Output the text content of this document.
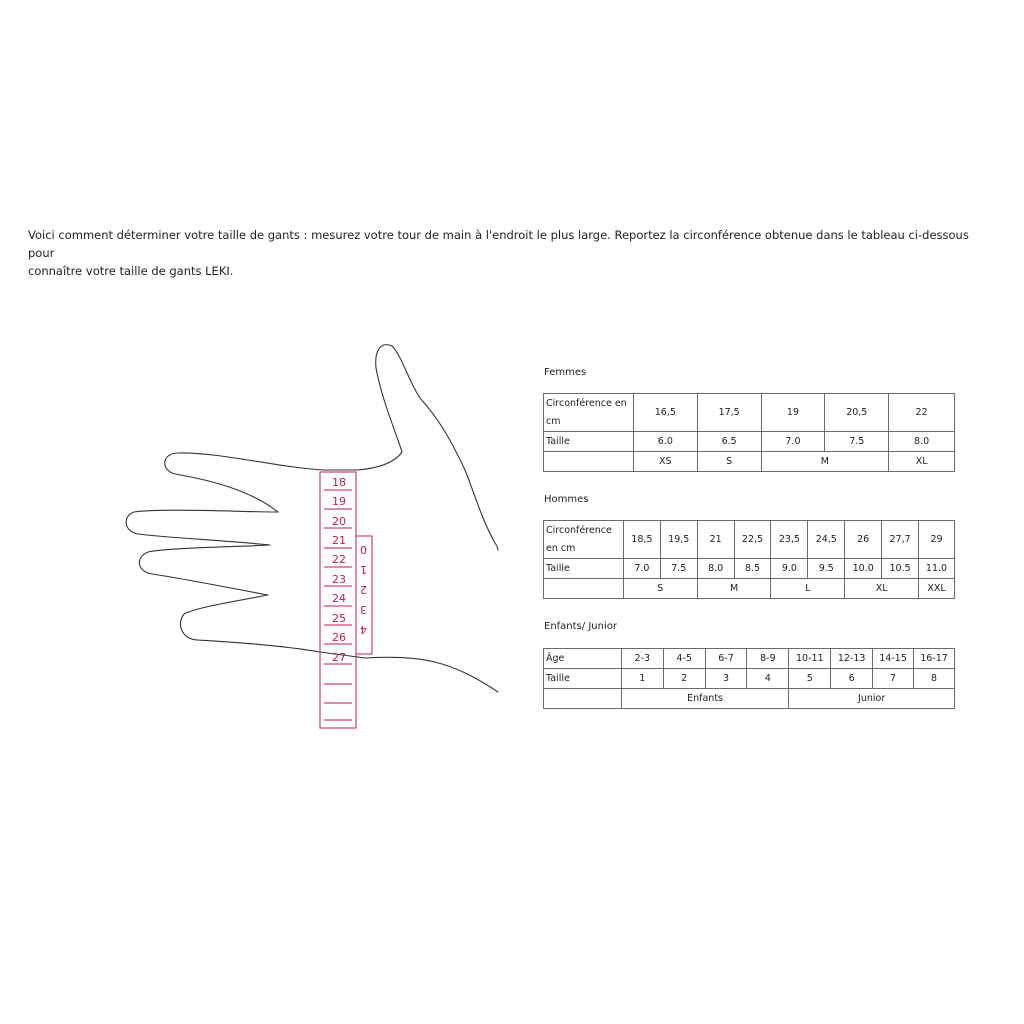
Voici comment déterminer votre taille de gants : mesurez votre tour de main à l'endroit le plus large. Reportez la circonférence obtenue dans le tableau ci-dessous pour

connaître votre taille de gants LEKI.

18
19
20
21
22
23
24
25
26
27
0
1
2
3
4
Femmes
Circonférence en cm	16,5	17,5	19	20,5	22
Taille	6.0	6.5	7.0	7.5	8.0
	XS	S	M		XL
Hommes
Circonférence en cm	18,5	19,5	21	22,5	23,5	24,5	26	27,7	29
Taille	7.0	7.5	8.0	8.5	9.0	9.5	10.0	10.5	11.0
	S		M		L		XL		XXL
Enfants/ Junior
Âge	2-3	4-5	6-7	8-9	10-11	12-13	14-15	16-17
Taille	1	2	3	4	5	6	7	8
	Enfants				Junior			
